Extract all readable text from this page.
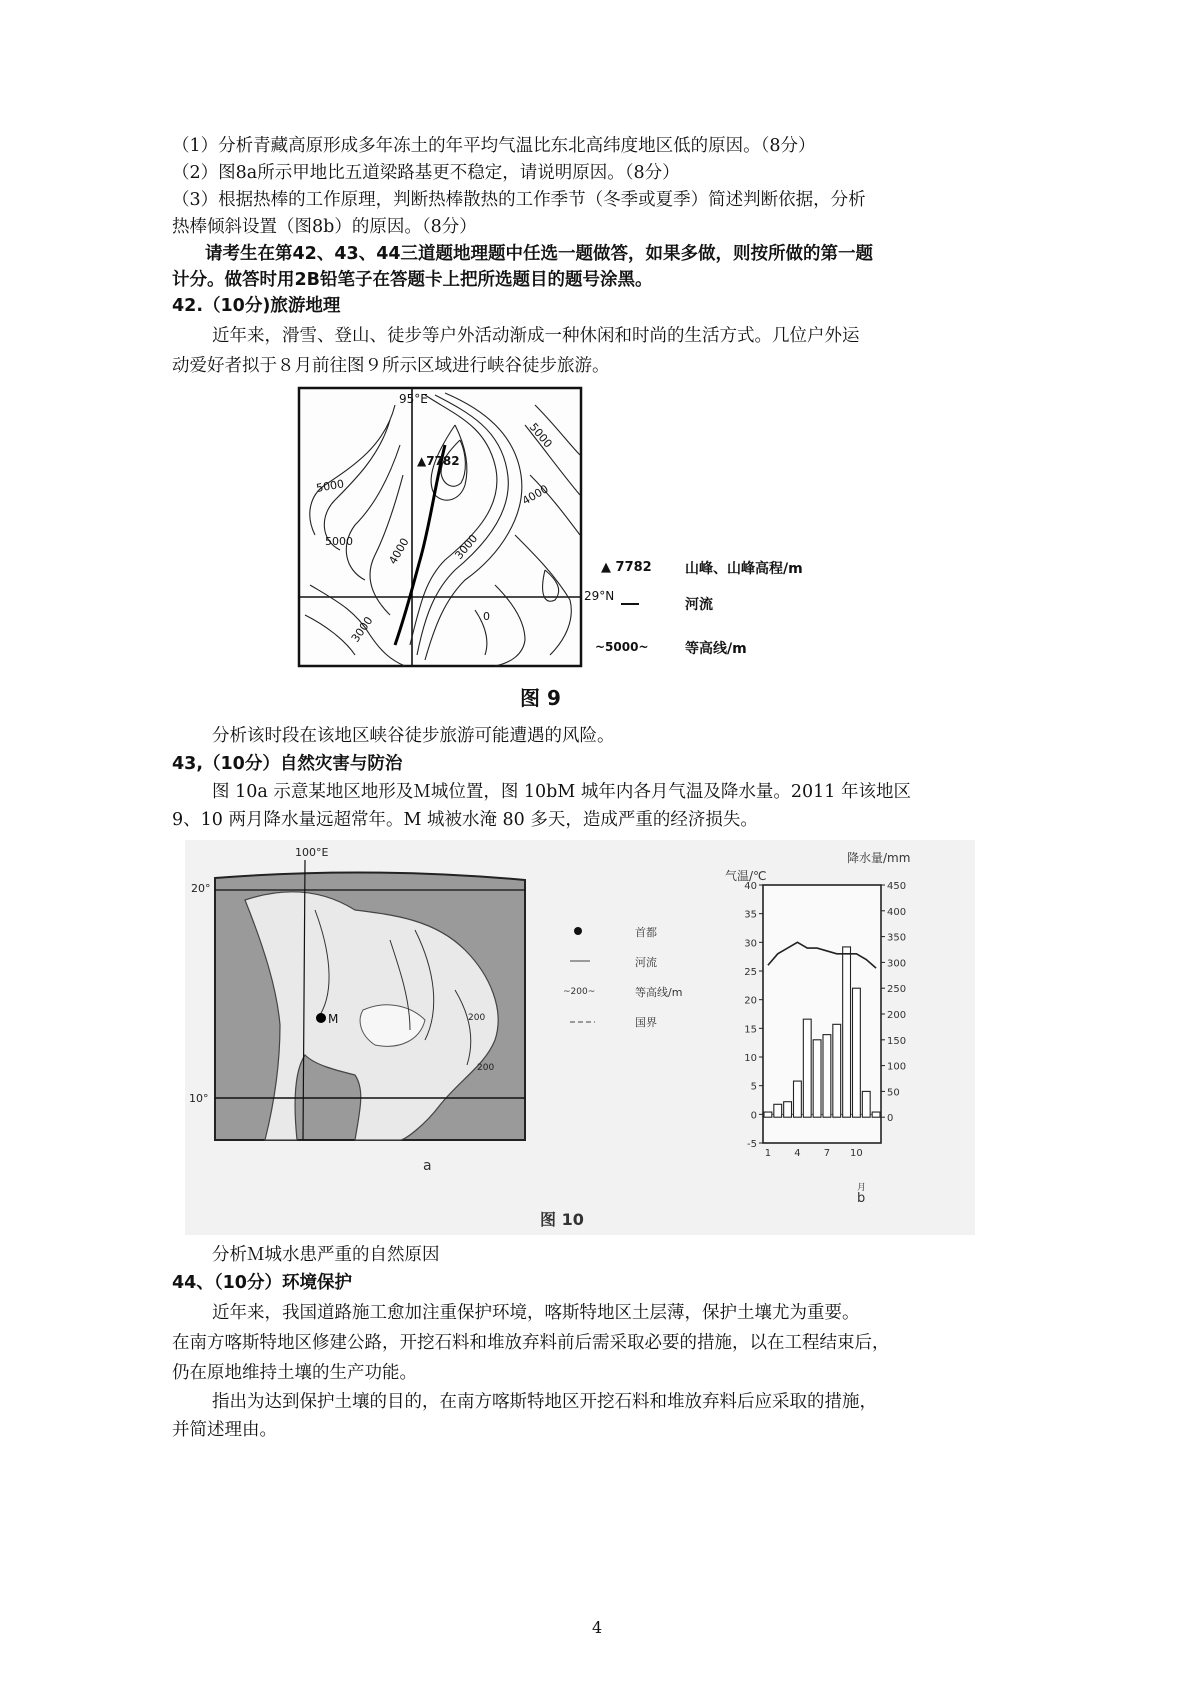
（1）分析青藏高原形成多年冻土的年平均气温比东北高纬度地区低的原因。（8分）

（2）图8a所示甲地比五道梁路基更不稳定，请说明原因。（8分）

（3）根据热棒的工作原理，判断热棒散热的工作季节（冬季或夏季）简述判断依据，分析

热棒倾斜设置（图8b）的原因。（8分）

请考生在第42、43、44三道题地理题中任选一题做答，如果多做，则按所做的第一题

计分。做答时用2B铅笔子在答题卡上把所选题目的题号涂黑。

42.（10分)旅游地理

近年来，滑雪、登山、徒步等户外活动渐成一种休闲和时尚的生活方式。几位户外运

动爱好者拟于８月前往图９所示区域进行峡谷徒步旅游。

95°E
29°N
▲7782
5000
5000
5000
4000
3000
4000
3000	0
▲ 7782 山峰、山峰高程/m
河流
~5000~	等高线/m
图 9

分析该时段在该地区峡谷徒步旅游可能遭遇的风险。

43,（10分）自然灾害与防治

图 10a 示意某地区地形及Ｍ城位置，图 10bM 城年内各月气温及降水量。2011 年该地区

9、10 两月降水量远超常年。M 城被水淹 80 多天，造成严重的经济损失。

M
100°E
20°
10°
200
200
a
首都
河流
~200~	等高线/m
国界
气温/℃
降水量/mm
月
b
-5
0
5
10
15
20
25
30
35
40
0
50
100
150
200
250
300
350
400
450
1 4 7 10
图 10

分析Ｍ城水患严重的自然原因

44、（10分）环境保护

近年来，我国道路施工愈加注重保护环境，喀斯特地区土层薄，保护土壤尤为重要。

在南方喀斯特地区修建公路，开挖石料和堆放弃料前后需采取必要的措施，以在工程结束后，

仍在原地维持土壤的生产功能。

指出为达到保护土壤的目的，在南方喀斯特地区开挖石料和堆放弃料后应采取的措施，

并简述理由。

4
